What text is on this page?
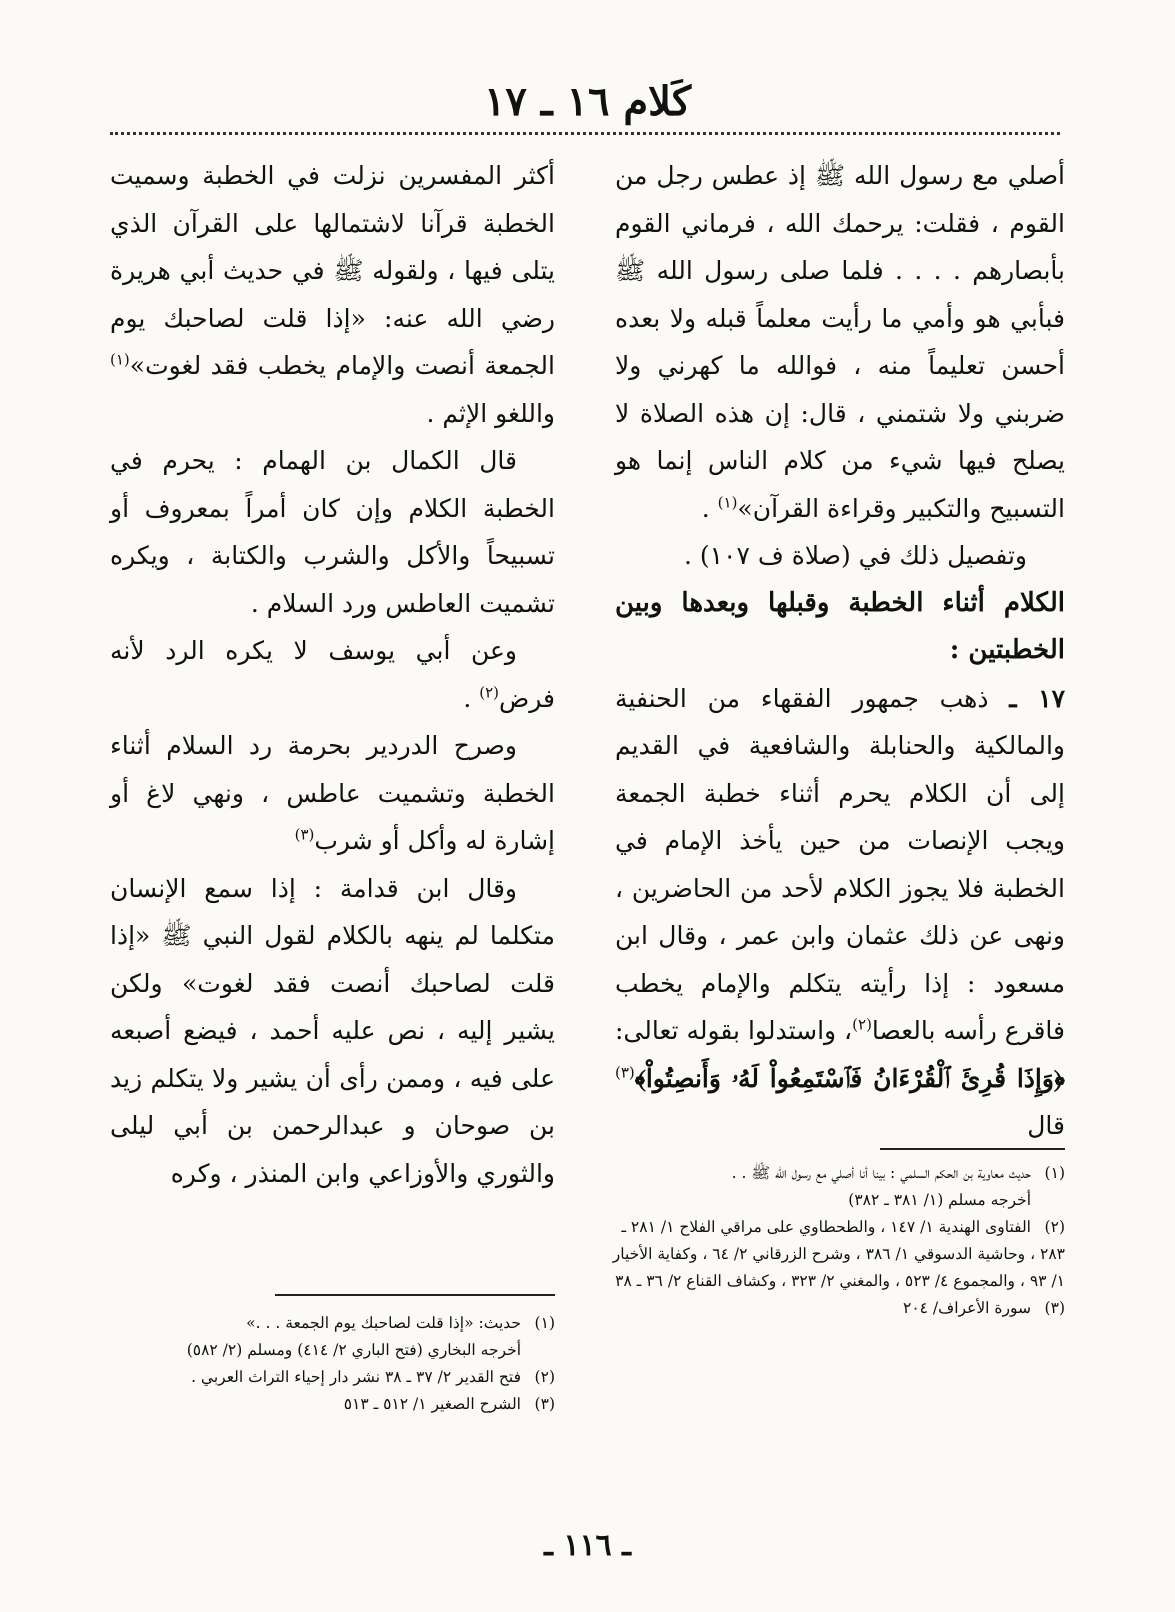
كَلام ١٦ ـ ١٧

أصلي مع رسول الله ﷺ إذ عطس رجل من القوم ، فقلت: يرحمك الله ، فرماني القوم بأبصارهم . . . . فلما صلى رسول الله ﷺ فبأبي هو وأمي ما رأيت معلماً قبله ولا بعده أحسن تعليماً منه ، فوالله ما كهرني ولا ضربني ولا شتمني ، قال: إن هذه الصلاة لا يصلح فيها شيء من كلام الناس إنما هو التسبيح والتكبير وقراءة القرآن»$^{(١)}$ .

وتفصيل ذلك في (صلاة ف ١٠٧) .

الكلام أثناء الخطبة وقبلها وبعدها وبين الخطبتين :

١٧ ـ ذهب جمهور الفقهاء من الحنفية والمالكية والحنابلة والشافعية في القديم إلى أن الكلام يحرم أثناء خطبة الجمعة ويجب الإنصات من حين يأخذ الإمام في الخطبة فلا يجوز الكلام لأحد من الحاضرين ، ونهى عن ذلك عثمان وابن عمر ، وقال ابن مسعود : إذا رأيته يتكلم والإمام يخطب فاقرع رأسه بالعصا$^{(٢)}$، واستدلوا بقوله تعالى: ﴿وَإِذَا قُرِئَ ٱلْقُرْءَانُ فَٱسْتَمِعُواْ لَهُۥ وَأَنصِتُواْ﴾$^{(٣)}$ قال

أكثر المفسرين نزلت في الخطبة وسميت الخطبة قرآنا لاشتمالها على القرآن الذي يتلى فيها ، ولقوله ﷺ في حديث أبي هريرة رضي الله عنه: «إذا قلت لصاحبك يوم الجمعة أنصت والإمام يخطب فقد لغوت»$^{(١)}$ واللغو الإثم .

قال الكمال بن الهمام : يحرم في الخطبة الكلام وإن كان أمراً بمعروف أو تسبيحاً والأكل والشرب والكتابة ، ويكره تشميت العاطس ورد السلام .

وعن أبي يوسف لا يكره الرد لأنه فرض$^{(٢)}$ .

وصرح الدردير بحرمة رد السلام أثناء الخطبة وتشميت عاطس ، ونهي لاغ أو إشارة له وأكل أو شرب$^{(٣)}$

وقال ابن قدامة : إذا سمع الإنسان متكلما لم ينهه بالكلام لقول النبي ﷺ «إذا قلت لصاحبك أنصت فقد لغوت» ولكن يشير إليه ، نص عليه أحمد ، فيضع أصبعه على فيه ، وممن رأى أن يشير ولا يتكلم زيد بن صوحان و عبدالرحمن بن أبي ليلى والثوري والأوزاعي وابن المنذر ، وكره	(١)حديث معاوية بن الحكم السلمي : بينا أنا أصلي مع رسول الله ﷺ . .

أخرجه مسلم (١/ ٣٨١ ـ ٣٨٢)

(٢)الفتاوى الهندية ١/ ١٤٧ ، والطحطاوي على مراقي الفلاح ١/ ٢٨١ ـ ٢٨٣ ، وحاشية الدسوقي ١/ ٣٨٦ ، وشرح الزرقاني ٢/ ٦٤ ، وكفاية الأخيار ١/ ٩٣ ، والمجموع ٤/ ٥٢٣ ، والمغني ٢/ ٣٢٣ ، وكشاف القناع ٢/ ٣٦ ـ ٣٨

(٣)سورة الأعراف/ ٢٠٤

(١)حديث: «إذا قلت لصاحبك يوم الجمعة . . .»

أخرجه البخاري (فتح الباري ٢/ ٤١٤) ومسلم (٢/ ٥٨٢)

(٢)فتح القدير ٢/ ٣٧ ـ ٣٨ نشر دار إحياء التراث العربي .

(٣)الشرح الصغير ١/ ٥١٢ ـ ٥١٣

ـ ١١٦ ـ
